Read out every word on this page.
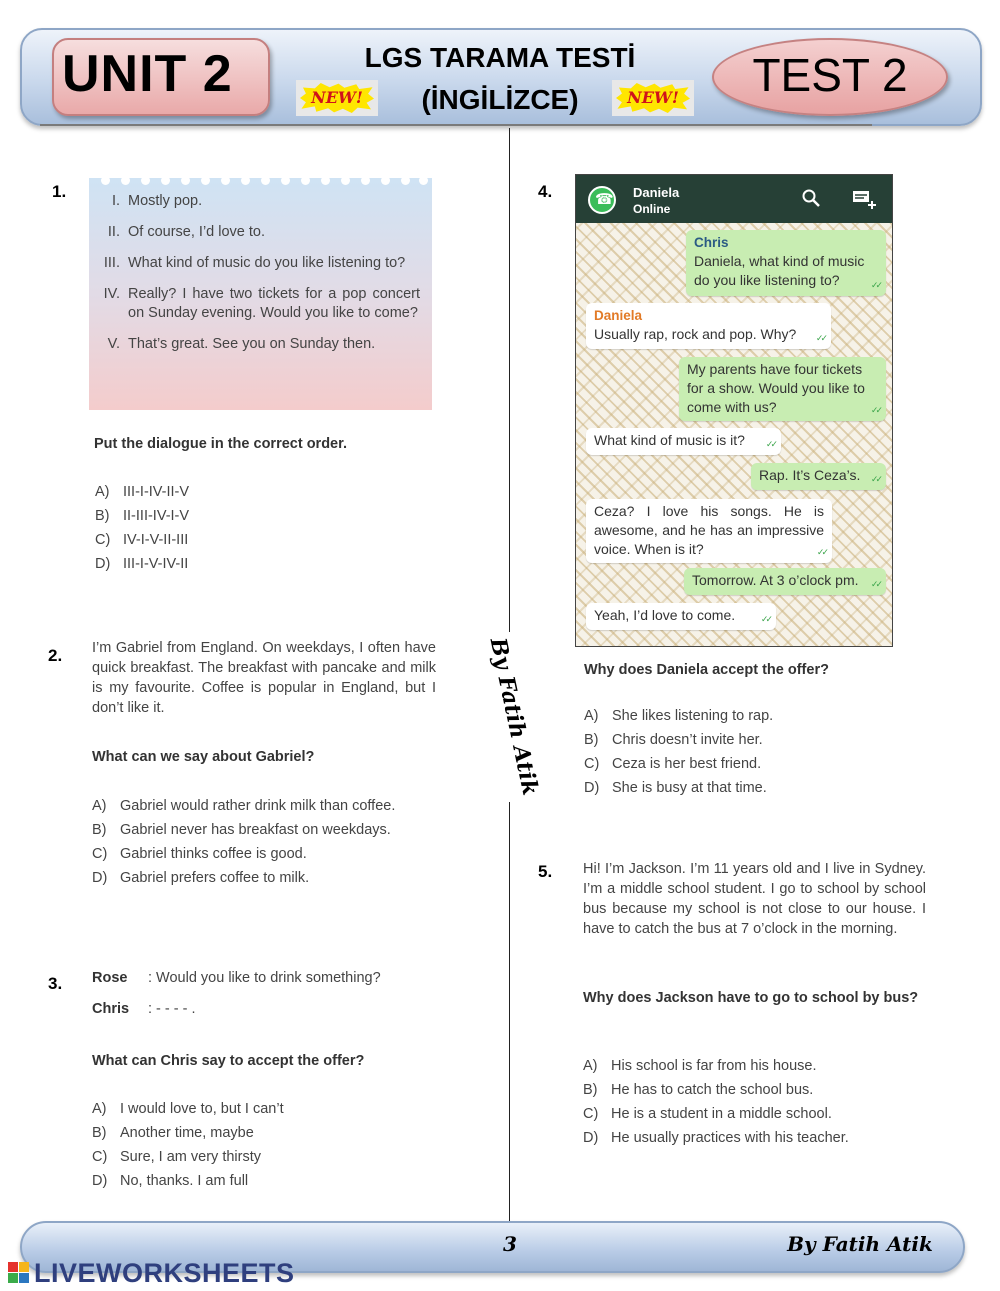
UNIT 2	LGS TARAMA TESTİ
(İNGİLİZCE)
NEW!	NEW!	TEST 2
By Fatih Atik
1.	I. Mostly pop.
II. Of course, I’d love to.
III. What kind of music do you like listening to?
IV. Really? I have two tickets for a pop concert on Sunday evening. Would you like to come?
V. That’s great. See you on Sunday then.
Put the dialogue in the correct order.
A) III-I-IV-II-V
B) II-III-IV-I-V
C) IV-I-V-II-III
D) III-I-V-IV-II
2. I’m Gabriel from England. On weekdays, I often have quick breakfast. The breakfast with pancake and milk is my favourite. Coffee is popular in England, but I don’t like it.
What can we say about Gabriel?
A) Gabriel would rather drink milk than coffee.
B) Gabriel never has breakfast on weekdays.
C) Gabriel thinks coffee is good.
D) Gabriel prefers coffee to milk.
3. Rose : Would you like to drink something?
Chris : - - - - .
What can Chris say to accept the offer?
A) I would love to, but I can’t
B) Another time, maybe
C) Sure, I am very thirsty
D) No, thanks. I am full
4.
☎	Daniela
Online
Chris
Daniela, what kind of music do you like listening to?	✓✓
Daniela
Usually rap, rock and pop. Why?	✓✓
My parents have four tickets for a show. Would you like to come with us?	✓✓
What kind of music is it?	✓✓
Rap. It’s Ceza’s.	✓✓
Ceza? I love his songs. He is awesome, and he has an impressive voice. When is it?	✓✓
Tomorrow. At 3 o’clock pm.	✓✓
Yeah, I’d love to come.	✓✓
Why does Daniela accept the offer?
A) She likes listening to rap.
B) Chris doesn’t invite her.
C) Ceza is her best friend.
D) She is busy at that time.
5. Hi! I’m Jackson. I’m 11 years old and I live in Sydney. I’m a middle school student. I go to school by school bus because my school is not close to our house. I have to catch the bus at 7 o’clock in the morning.
Why does Jackson have to go to school by bus?
A) His school is far from his house.
B) He has to catch the school bus.
C) He is a student in a middle school.
D) He usually practices with his teacher.
3	By Fatih Atik
LIVEWORKSHEETS
